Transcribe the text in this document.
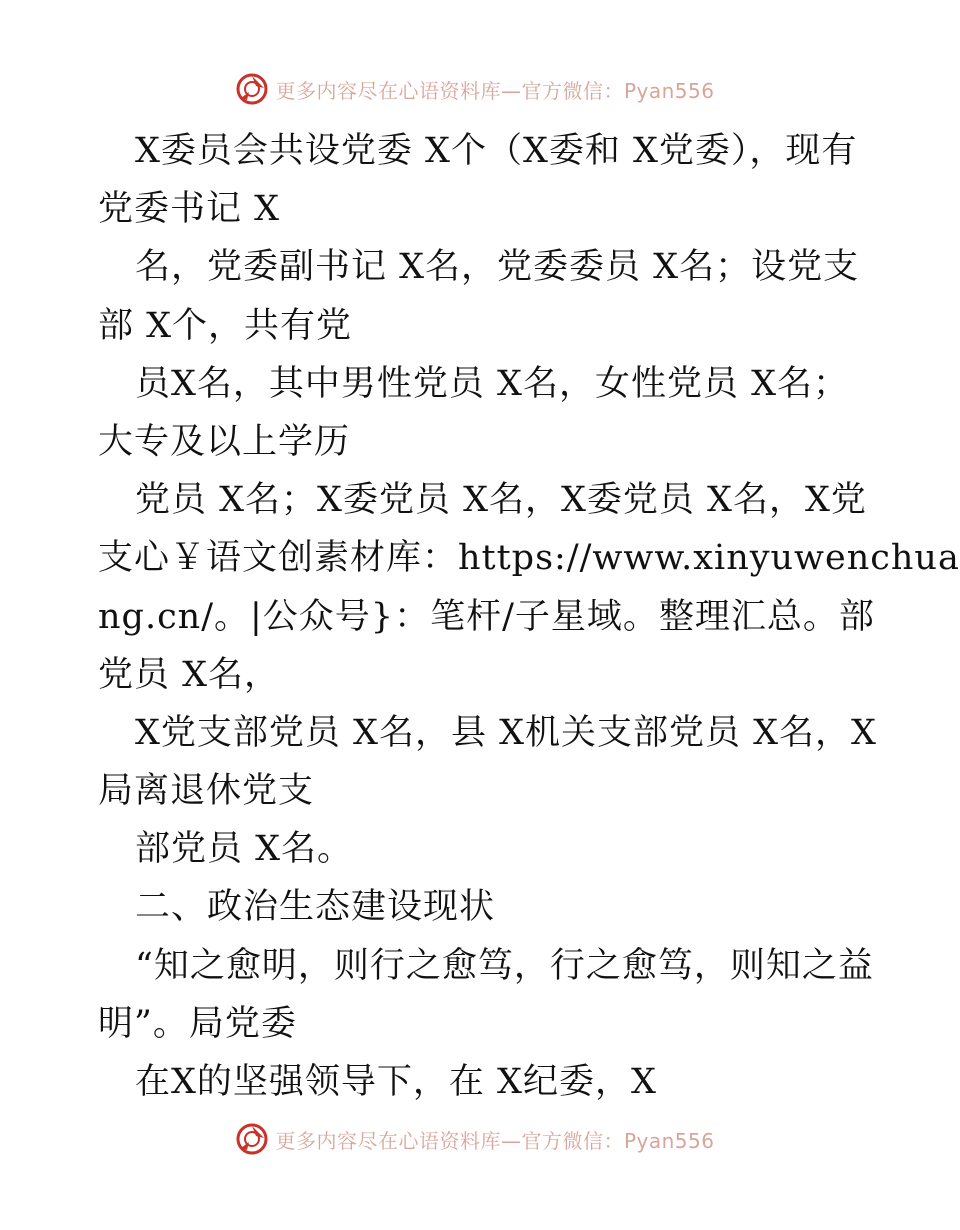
更多内容尽在心语资料库—官方微信：Pyan556
X委员会共设党委 X个（X委和 X党委），现有
党委书记 X
名，党委副书记 X名，党委委员 X名；设党支
部 X个，共有党
员X名，其中男性党员 X名，女性党员 X名；
大专及以上学历
党员 X名；X委党员 X名，X委党员 X名，X党
支心￥语文创素材库：https://www.xinyuwenchua
ng.cn/。|公众号}：笔杆/子星域。整理汇总。部
党员 X名，
X党支部党员 X名，县 X机关支部党员 X名，X
局离退休党支
部党员 X名。
二、政治生态建设现状
“知之愈明，则行之愈笃，行之愈笃，则知之益
明”。局党委
在X的坚强领导下，在 X纪委，X
更多内容尽在心语资料库—官方微信：Pyan556
